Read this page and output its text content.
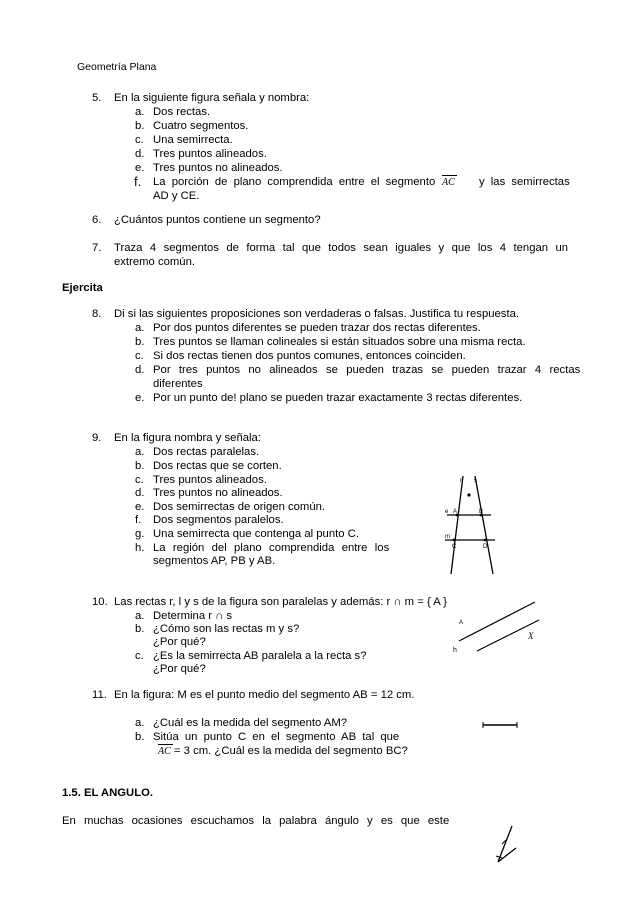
Geometría Plana
5. En la siguiente figura señala y nombra:
a. Dos rectas.
b. Cuatro segmentos.
c. Una semirrecta.
d. Tres puntos alineados.
e. Tres puntos no alineados.
f. La porción de plano comprendida entre el segmento AC y las semirrectas
AD y CE.
6. ¿Cuántos puntos contiene un segmento?
7. Traza 4 segmentos de forma tal que todos sean iguales y que los 4 tengan un
extremo común.
Ejercita
8. Di si las siguientes proposiciones son verdaderas o falsas. Justifica tu respuesta.
a. Por dos puntos diferentes se pueden trazar dos rectas diferentes.
b. Tres puntos se llaman colineales si están situados sobre una misma recta.
c. Si dos rectas tienen dos puntos comunes, entonces coinciden.
d. Por tres puntos no alineados se pueden trazas se pueden trazar 4 rectas
diferentes
e. Por un punto de! plano se pueden trazar exactamente 3 rectas diferentes.
9. En la figura nombra y señala:
a. Dos rectas paralelas.
b. Dos rectas que se corten.
c. Tres puntos alineados.
d. Tres puntos no alineados.
e. Dos semirrectas de origen común.
f. Dos segmentos paralelos.
g. Una semirrecta que contenga al punto C.
h. La región del plano comprendida entre los
segmentos AP, PB y AB.
r s
e A	B
m
C	D
10. Las rectas r, l y s de la figura son paralelas y además: r ∩ m = { A }
a. Determina r ∩ s
b. ¿Cómo son las rectas m y s?
¿Por qué?
c. ¿Es la semirrecta AB paralela a la recta s?
¿Por qué?
A
h
X
11. En la figura: M es el punto medio del segmento AB = 12 cm.
a. ¿Cuál es la medida del segmento AM?
b. Sitúa un punto C en el segmento AB tal que
AC = 3 cm. ¿Cuál es la medida del segmento BC?
1.5. EL ANGULO.
En muchas ocasiones escuchamos la palabra ángulo y es que este
